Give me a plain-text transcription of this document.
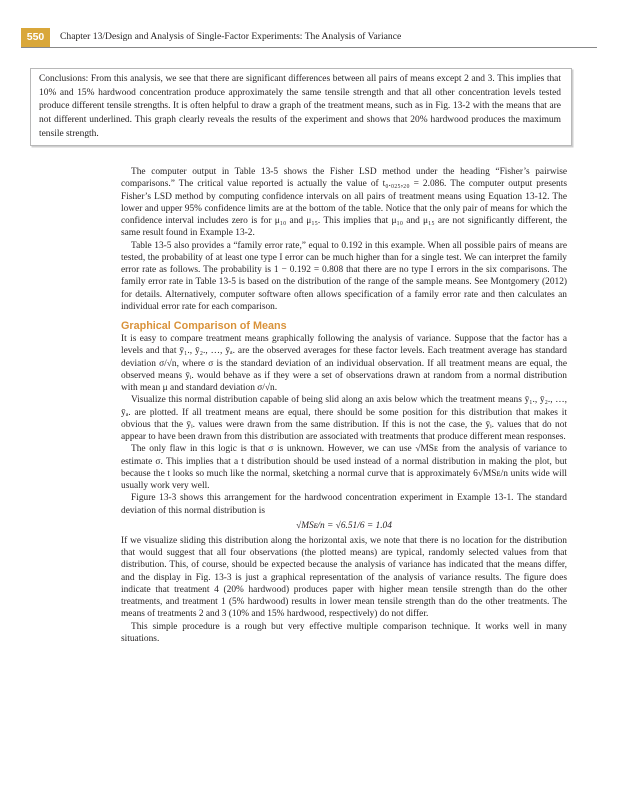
550	Chapter 13/Design and Analysis of Single-Factor Experiments: The Analysis of Variance

Conclusions: From this analysis, we see that there are significant differences between all pairs of means except 2 and 3. This implies that 10% and 15% hardwood concentration produce approximately the same tensile strength and that all other concentration levels tested produce different tensile strengths. It is often helpful to draw a graph of the treatment means, such as in Fig. 13-2 with the means that are not different underlined. This graph clearly reveals the results of the experiment and shows that 20% hardwood produces the maximum tensile strength.

The computer output in Table 13-5 shows the Fisher LSD method under the heading “Fisher’s pairwise comparisons.” The critical value reported is actually the value of t₀.₀₂₅,₂₀ = 2.086. The computer output presents Fisher’s LSD method by computing confidence intervals on all pairs of treatment means using Equation 13-12. The lower and upper 95% confidence limits are at the bottom of the table. Notice that the only pair of means for which the confidence interval includes zero is for μ₁₀ and μ₁₅. This implies that μ₁₀ and μ₁₅ are not significantly different, the same result found in Example 13-2.

Table 13-5 also provides a “family error rate,” equal to 0.192 in this example. When all possible pairs of means are tested, the probability of at least one type I error can be much higher than for a single test. We can interpret the family error rate as follows. The probability is 1 − 0.192 = 0.808 that there are no type I errors in the six comparisons. The family error rate in Table 13-5 is based on the distribution of the range of the sample means. See Montgomery (2012) for details. Alternatively, computer software often allows specification of a family error rate and then calculates an individual error rate for each comparison.

Graphical Comparison of Means

It is easy to compare treatment means graphically following the analysis of variance. Suppose that the factor has a levels and that ȳ₁., ȳ₂., …, ȳₐ. are the observed averages for these factor levels. Each treatment average has standard deviation σ/√n, where σ is the standard deviation of an individual observation. If all treatment means are equal, the observed means ȳᵢ. would behave as if they were a set of observations drawn at random from a normal distribution with mean μ and standard deviation σ/√n.

Visualize this normal distribution capable of being slid along an axis below which the treatment means ȳ₁., ȳ₂., …, ȳₐ. are plotted. If all treatment means are equal, there should be some position for this distribution that makes it obvious that the ȳᵢ. values were drawn from the same distribution. If this is not the case, the ȳᵢ. values that do not appear to have been drawn from this distribution are associated with treatments that produce different mean responses.

The only flaw in this logic is that σ is unknown. However, we can use √MSᴇ from the analysis of variance to estimate σ. This implies that a t distribution should be used instead of a normal distribution in making the plot, but because the t looks so much like the normal, sketching a normal curve that is approximately 6√MSᴇ/n units wide will usually work very well.

Figure 13-3 shows this arrangement for the hardwood concentration experiment in Example 13-1. The standard deviation of this normal distribution is

√MSᴇ/n = √6.51/6 = 1.04

If we visualize sliding this distribution along the horizontal axis, we note that there is no location for the distribution that would suggest that all four observations (the plotted means) are typical, randomly selected values from that distribution. This, of course, should be expected because the analysis of variance has indicated that the means differ, and the display in Fig. 13-3 is just a graphical representation of the analysis of variance results. The figure does indicate that treatment 4 (20% hardwood) produces paper with higher mean tensile strength than do the other treatments, and treatment 1 (5% hardwood) results in lower mean tensile strength than do the other treatments. The means of treatments 2 and 3 (10% and 15% hardwood, respectively) do not differ.

This simple procedure is a rough but very effective multiple comparison technique. It works well in many situations.
